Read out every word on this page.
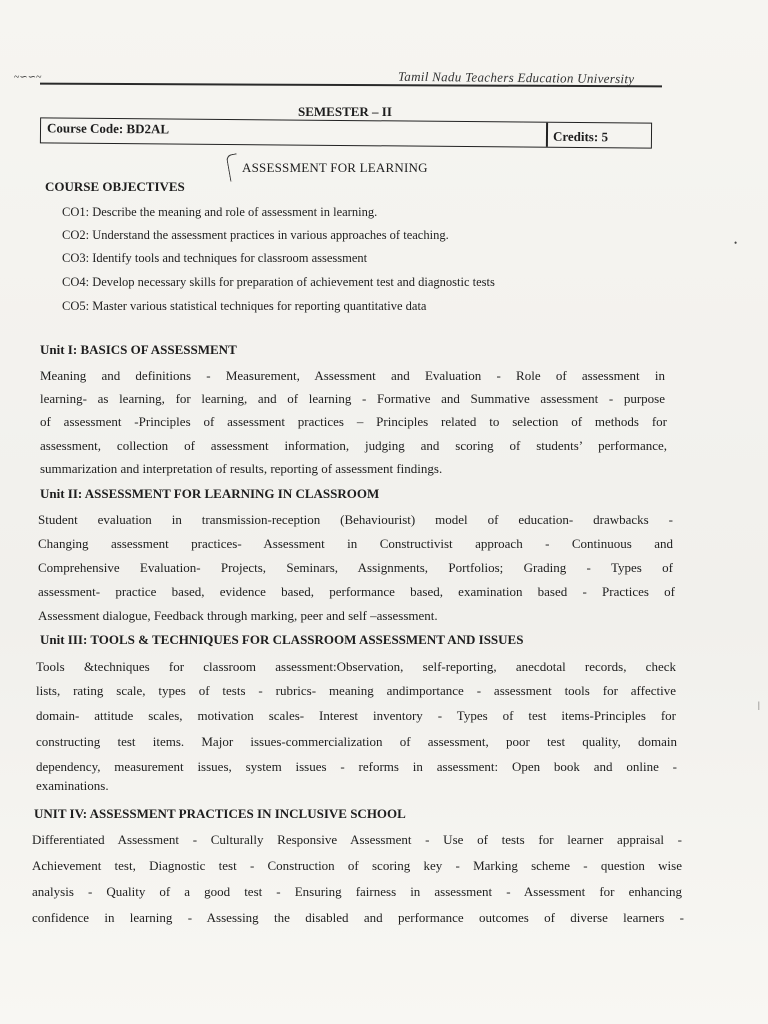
~∽∽~	Tamil Nadu Teachers Education University
SEMESTER – II
Course Code: BD2AL
Credits: 5
ASSESSMENT FOR LEARNING
COURSE OBJECTIVES
CO1: Describe the meaning and role of assessment in learning.
CO2: Understand the assessment practices in various approaches of teaching.
CO3: Identify tools and techniques for classroom assessment
CO4: Develop necessary skills for preparation of achievement test and diagnostic tests
CO5: Master various statistical techniques for reporting quantitative data
Unit I: BASICS OF ASSESSMENT
Meaning and definitions - Measurement, Assessment and Evaluation - Role of assessment in
learning- as learning, for learning, and of learning - Formative and Summative assessment - purpose
of assessment -Principles of assessment practices – Principles related to selection of methods for
assessment, collection of assessment information, judging and scoring of students’ performance,
summarization and interpretation of results, reporting of assessment findings.
Unit II: ASSESSMENT FOR LEARNING IN CLASSROOM
Student evaluation in transmission-reception (Behaviourist) model of education- drawbacks -
Changing assessment practices- Assessment in Constructivist approach - Continuous and
Comprehensive Evaluation- Projects, Seminars, Assignments, Portfolios; Grading - Types of
assessment- practice based, evidence based, performance based, examination based - Practices of
Assessment dialogue, Feedback through marking, peer and self –assessment.
Unit III: TOOLS & TECHNIQUES FOR CLASSROOM ASSESSMENT AND ISSUES
Tools &techniques for classroom assessment:Observation, self-reporting, anecdotal records, check
lists, rating scale, types of tests - rubrics- meaning andimportance - assessment tools for affective
domain- attitude scales, motivation scales- Interest inventory - Types of test items-Principles for
constructing test items. Major issues-commercialization of assessment, poor test quality, domain
dependency, measurement issues, system issues - reforms in assessment: Open book and online -
examinations.
UNIT IV: ASSESSMENT PRACTICES IN INCLUSIVE SCHOOL
Differentiated Assessment - Culturally Responsive Assessment - Use of tests for learner appraisal -
Achievement test, Diagnostic test - Construction of scoring key - Marking scheme - question wise
analysis - Quality of a good test - Ensuring fairness in assessment - Assessment for enhancing
confidence in learning - Assessing the disabled and performance outcomes of diverse learners -
•
|
